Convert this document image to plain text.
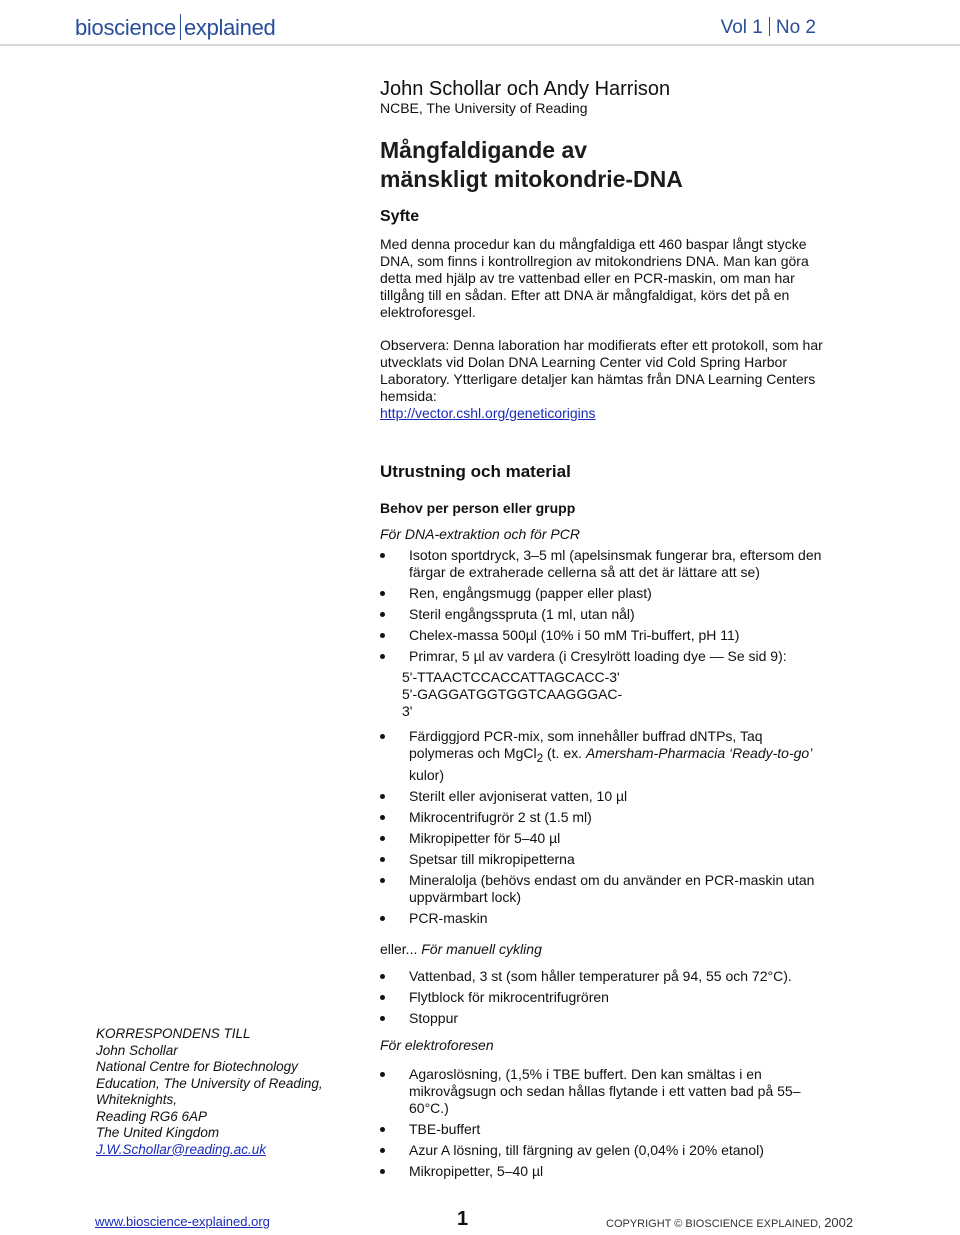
bioscience explained	Vol 1 No 2

John Schollar och Andy Harrison

NCBE, The University of Reading

Mångfaldigande av
mänskligt mitokondrie-DNA
Syfte

Med denna procedur kan du mångfaldiga ett 460 baspar långt stycke DNA, som finns i kontrollregion av mitokondriens DNA. Man kan göra detta med hjälp av tre vattenbad eller en PCR-maskin, om man har tillgång till en sådan. Efter att DNA är mångfaldigat, körs det på en elektroforesgel.

Observera: Denna laboration har modifierats efter ett protokoll, som har utvecklats vid Dolan DNA Learning Center vid Cold Spring Harbor Laboratory. Ytterligare detaljer kan hämtas från DNA Learning Centers hemsida:
http://vector.cshl.org/geneticorigins

Utrustning och material
Behov per person eller grupp
För DNA-extraktion och för PCR
Isoton sportdryck, 3–5 ml (apelsinsmak fungerar bra, eftersom den färgar de extraherade cellerna så att det är lättare att se)
Ren, engångsmugg (papper eller plast)
Steril engångsspruta (1 ml, utan nål)
Chelex-massa 500µl (10% i 50 mM Tri-buffert, pH 11)
Primrar, 5 µl av vardera (i Cresylrött loading dye — Se sid 9):
5'-TTAACTCCACCATTAGCACC-3'
5'-GAGGATGGTGGTCAAGGGAC-
3'
Färdiggjord PCR-mix, som innehåller buffrad dNTPs, Taq polymeras och MgCl$_2$ (t. ex. Amersham-Pharmacia ‘Ready-to-go’ kulor)
Sterilt eller avjoniserat vatten, 10 µl
Mikrocentrifugrör 2 st (1.5 ml)
Mikropipetter för 5–40 µl
Spetsar till mikropipetterna
Mineralolja (behövs endast om du använder en PCR-maskin utan uppvärmbart lock)
PCR-maskin

eller... För manuell cykling

Vattenbad, 3 st (som håller temperaturer på 94, 55 och 72°C).
Flytblock för mikrocentrifugrören
Stoppur
För elektroforesen
Agaroslösning, (1,5% i TBE buffert. Den kan smältas i en mikrovågsugn och sedan hållas flytande i ett vatten bad på 55–60°C.)
TBE-buffert
Azur A lösning, till färgning av gelen (0,04% i 20% etanol)
Mikropipetter, 5–40 µl
KORRESPONDENS TILL
John Schollar
National Centre for Biotechnology
Education, The University of Reading,
Whiteknights,
Reading RG6 6AP
The United Kingdom
J.W.Schollar@reading.ac.uk
www.bioscience-explained.org	1	COPYRIGHT © BIOSCIENCE EXPLAINED, 2002
